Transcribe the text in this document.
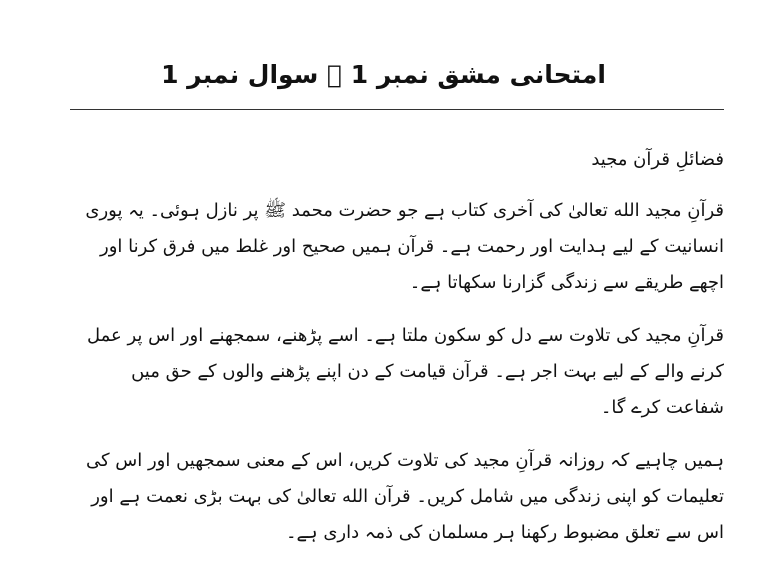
امتحانی مشق نمبر 1 ￾ سوال نمبر 1
فضائلِ قرآن مجید
قرآنِ مجید الله تعالیٰ کی آخری کتاب ہے جو حضرت محمد ﷺ پر نازل ہوئی۔ یہ پوری انسانیت کے لیے ہدایت اور رحمت ہے۔ قرآن ہمیں صحیح اور غلط میں فرق کرنا اور اچھے طریقے سے زندگی گزارنا سکھاتا ہے۔
قرآنِ مجید کی تلاوت سے دل کو سکون ملتا ہے۔ اسے پڑھنے، سمجھنے اور اس پر عمل کرنے والے کے لیے بہت اجر ہے۔ قرآن قیامت کے دن اپنے پڑھنے والوں کے حق میں شفاعت کرے گا۔
ہمیں چاہیے کہ روزانہ قرآنِ مجید کی تلاوت کریں، اس کے معنی سمجھیں اور اس کی تعلیمات کو اپنی زندگی میں شامل کریں۔ قرآن الله تعالیٰ کی بہت بڑی نعمت ہے اور اس سے تعلق مضبوط رکھنا ہر مسلمان کی ذمہ داری ہے۔
